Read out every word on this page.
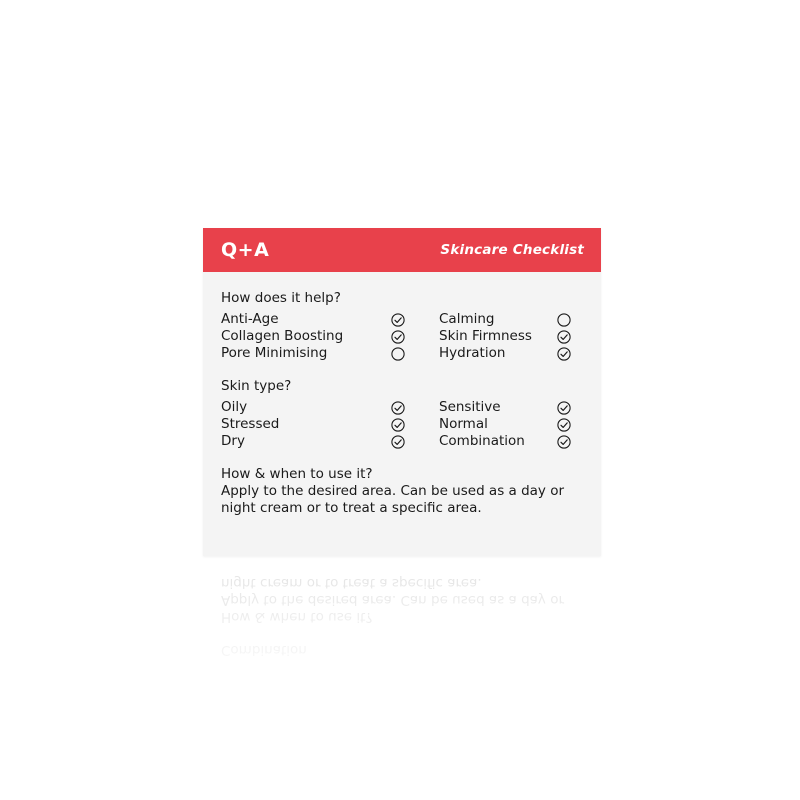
Q+A	Skincare Checklist
How does it help?
Anti-Age	Calming
Collagen Boosting	Skin Firmness
Pore Minimising	Hydration
Skin type?
Oily	Sensitive
Stressed	Normal
Dry	Combination
How & when to use it?

Apply to the desired area. Can be used as a day or night cream or to treat a specific area.

Combination
How & when to use it?
Apply to the desired area. Can be used as a day or night cream or to treat a specific area.
